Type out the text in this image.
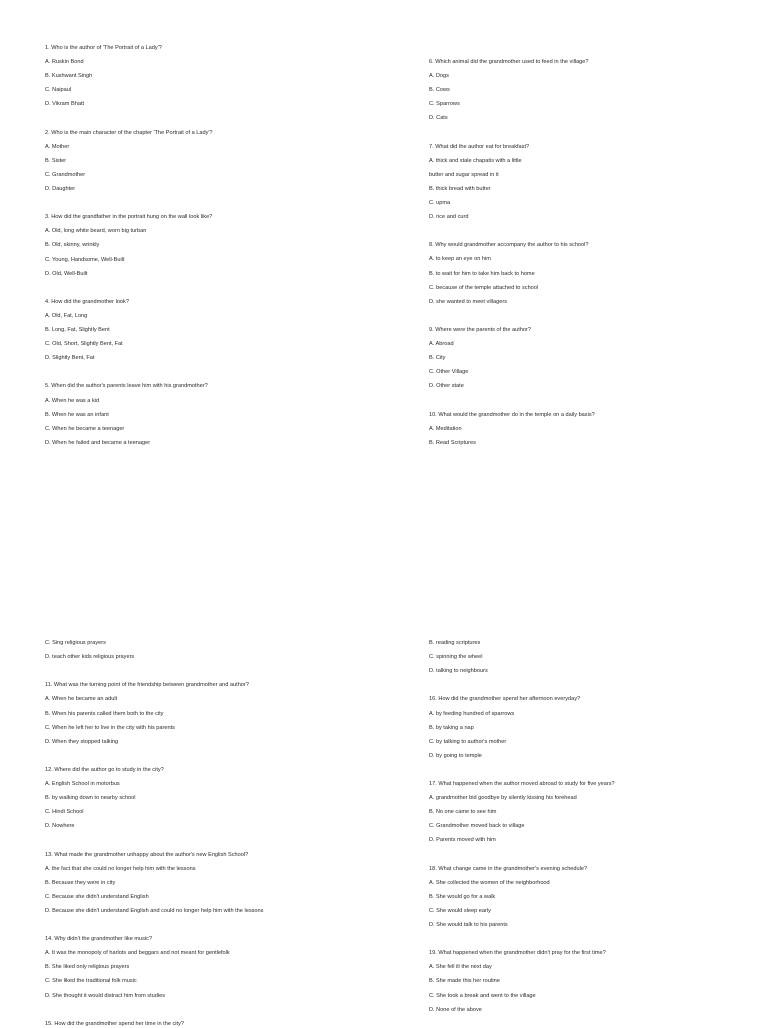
1. Who is the author of 'The Portrait of a Lady'?
A. Ruskin Bond
B. Kushwant Singh
C. Naipaul
D. Vikram Bhatt
2. Who is the main character of the chapter 'The Portrait of a Lady'?
A. Mother
B. Sister
C. Grandmother
D. Daughter
3. How did the grandfather in the portrait hung on the wall look like?
A. Old, long white beard, worn big turban
B. Old, skinny, wrinkly
C. Young, Handsome, Well-Built
D. Old, Well-Built
4. How did the grandmother look?
A. Old, Fat, Long
B. Long, Fat, Slightly Bent
C. Old, Short, Slightly Bent, Fat
D. Slightly Bent, Fat
5. When did the author's parents leave him with his grandmother?
A. When he was a kid
B. When he was an infant
C. When he became a teenager
D. When he failed and became a teenager
6. Which animal did the grandmother used to feed in the village?
A. Dogs
B. Cows
C. Sparrows
D. Cats
7. What did the author eat for breakfast?
A. thick and stale chapatis with a little
butter and sugar spread in it
B. thick bread with butter
C. upma
D. rice and curd
8. Why would grandmother accompany the author to his school?
A. to keep an eye on him
B. to wait for him to take him back to home
C. because of the temple attached to school
D. she wanted to meet villagers
9. Where were the parents of the author?
A. Abroad
B. City
C. Other Village
D. Other state
10. What would the grandmother do in the temple on a daily basis?
A. Meditation
B. Read Scriptures
C. Sing religious prayers
D. teach other kids religious prayers
11. What was the turning point of the friendship between grandmother and author?
A. When he became an adult
B. When his parents called them both to the city
C. When he left her to live in the city with his parents
D. When they stopped talking
12. Where did the author go to study in the city?
A. English School in motorbus
B. by walking down to nearby school
C. Hindi School
D. Nowhere
13. What made the grandmother unhappy about the author's new English School?
A. the fact that she could no longer help him with the lessons
B. Because they were in city
C. Because she didn't understand English
D. Because she didn't understand English and could no longer help him with the lessons
14. Why didn't the grandmother like music?
A. It was the monopoly of harlots and beggars and not meant for gentlefolk
B. She liked only religious prayers
C. She liked the traditional folk music
D. She thought it would distract him from studies
15. How did the grandmother spend her time in the city?
B. reading scriptures
C. spinning the wheel
D. talking to neighbours
16. How did the grandmother spend her afternoon everyday?
A. by feeding hundred of sparrows
B. by taking a nap
C. by talking to author's mother
D. by going to temple
17. What happened when the author moved abroad to study for five years?
A. grandmother bid goodbye by silently kissing his forehead
B. No one came to see him
C. Grandmother moved back to village
D. Parents moved with him
18. What change came in the grandmother's evening schedule?
A. She collected the women of the neighborhood
B. She would go for a walk
C. She would sleep early
D. She would talk to his parents
19. What happened when the grandmother didn't pray for the first time?
A. She fell ill the next day
B. She made this her routine
C. She took a break and went to the village
D. None of the above
